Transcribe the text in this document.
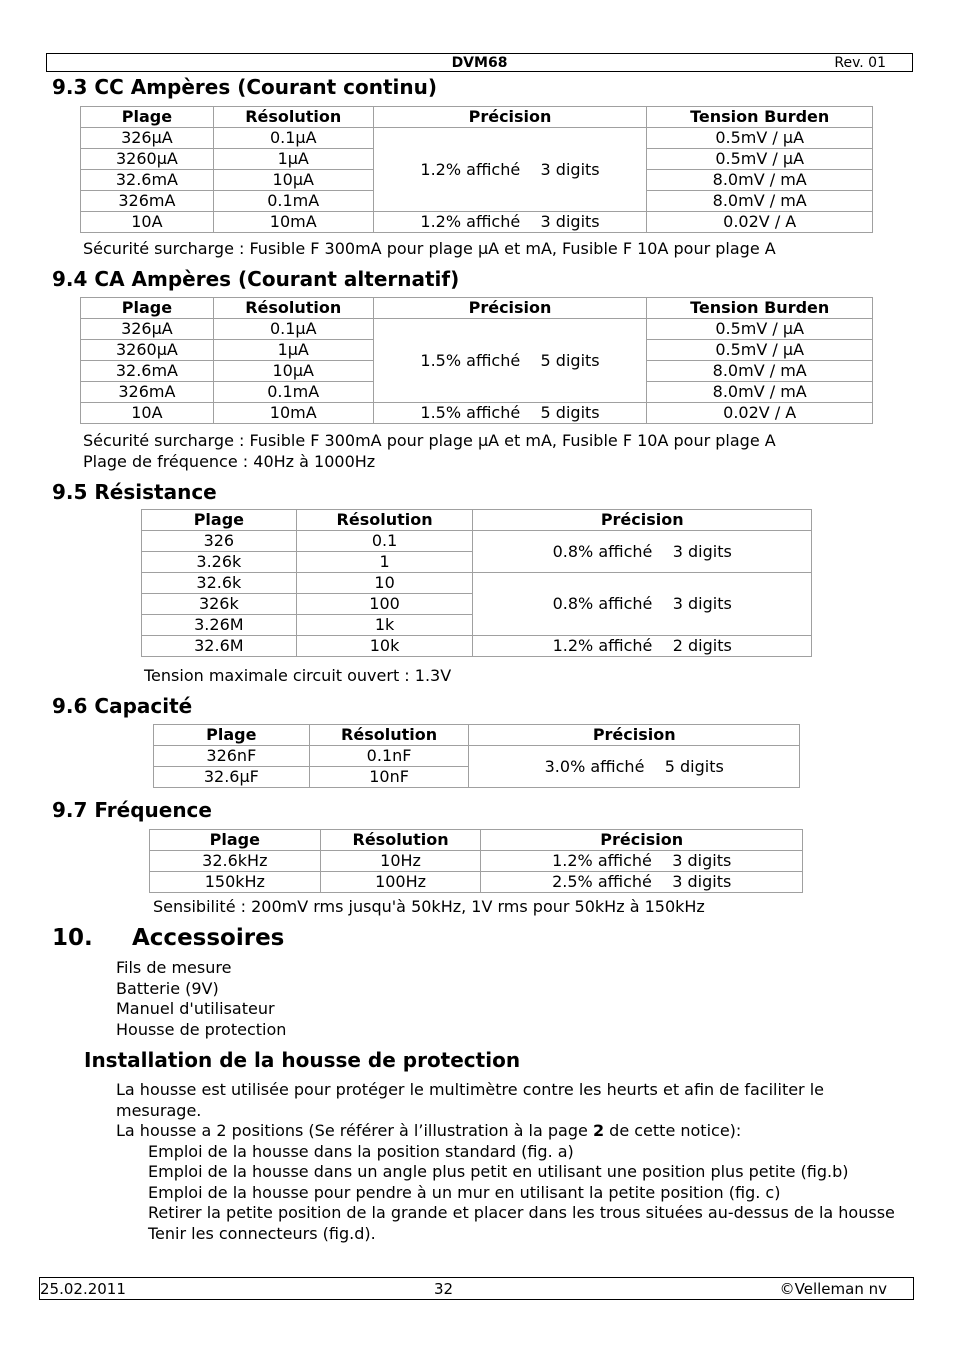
DVM68	Rev. 01
9.3 CC Ampères (Courant continu)
Plage	Résolution	Précision	Tension Burden
326µA	0.1µA	1.2% affiché    3 digits	0.5mV / µA
3260µA	1µA		0.5mV / µA
32.6mA	10µA		8.0mV / mA
326mA	0.1mA		8.0mV / mA
10A	10mA	1.2% affiché    3 digits	0.02V / A
Sécurité surcharge : Fusible F 300mA pour plage µA et mA, Fusible F 10A pour plage A
9.4 CA Ampères (Courant alternatif)
Plage	Résolution	Précision	Tension Burden
326µA	0.1µA	1.5% affiché    5 digits	0.5mV / µA
3260µA	1µA		0.5mV / µA
32.6mA	10µA		8.0mV / mA
326mA	0.1mA		8.0mV / mA
10A	10mA	1.5% affiché    5 digits	0.02V / A
Sécurité surcharge : Fusible F 300mA pour plage µA et mA, Fusible F 10A pour plage A
Plage de fréquence : 40Hz à 1000Hz
9.5 Résistance
Plage	Résolution	Précision
326	0.1	0.8% affiché    3 digits
3.26k	1	
32.6k	10	0.8% affiché    3 digits
326k	100	
3.26M	1k	
32.6M	10k	1.2% affiché    2 digits
Tension maximale circuit ouvert : 1.3V
9.6 Capacité
Plage	Résolution	Précision
326nF	0.1nF	3.0% affiché    5 digits
32.6µF	10nF	
9.7 Fréquence
Plage	Résolution	Précision
32.6kHz	10Hz	1.2% affiché    3 digits
150kHz	100Hz	2.5% affiché    3 digits
Sensibilité : 200mV rms jusqu'à 50kHz, 1V rms pour 50kHz à 150kHz
10. Accessoires
Fils de mesure
Batterie (9V)
Manuel d'utilisateur
Housse de protection
Installation de la housse de protection
La housse est utilisée pour protéger le multimètre contre les heurts et afin de faciliter le mesurage.
La housse a 2 positions (Se référer à l’illustration à la page 2 de cette notice):
Emploi de la housse dans la position standard (fig. a)
Emploi de la housse dans un angle plus petit en utilisant une position plus petite (fig.b)
Emploi de la housse pour pendre à un mur en utilisant la petite position (fig. c)
Retirer la petite position de la grande et placer dans les trous situées au-dessus de la housse
Tenir les connecteurs (fig.d).
25.02.2011	32	©Velleman nv
